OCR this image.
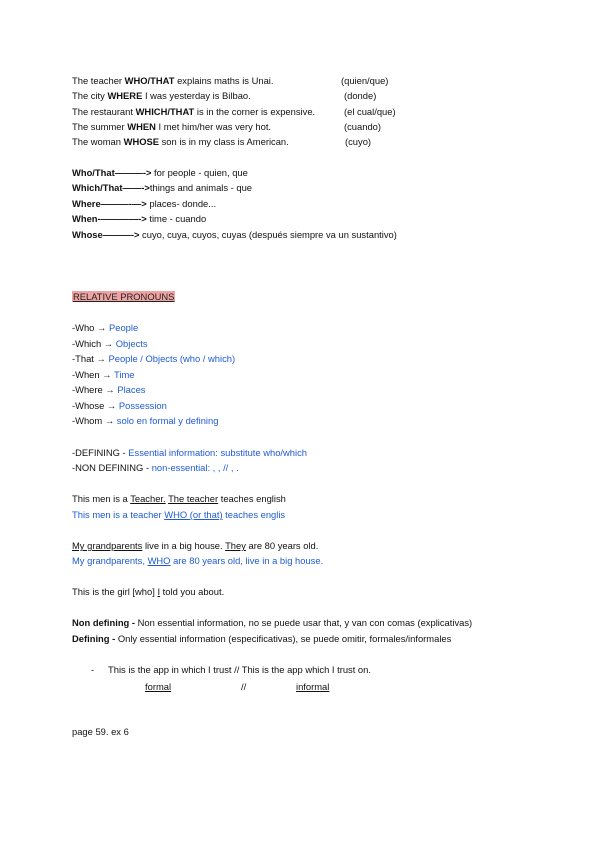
The teacher WHO/THAT explains maths is Unai.	(quien/que)
The city WHERE I was yesterday is Bilbao.	(donde)
The restaurant WHICH/THAT is in the corner is expensive.	(el cual/que)
The summer WHEN I met him/her was very hot.	(cuando)
The woman WHOSE son is in my class is American.	(cuyo)
Who/That———-> for people - quien, que
Which/That——->things and animals - que
Where———-—> places- donde...
When-————-> time - cuando
Whose———-> cuyo, cuya, cuyos, cuyas (después siempre va un sustantivo)
RELATIVE PRONOUNS
-Who → People
-Which → Objects
-That → People / Objects (who / which)
-When → Time
-Where → Places
-Whose → Possession
-Whom → solo en formal y defining
-DEFINING - Essential information: substitute who/which
-NON DEFINING - non-essential: , , // , .
This men is a Teacher. The teacher teaches english
This men is a teacher WHO (or that) teaches englis
My grandparents live in a big house. They are 80 years old.
My grandparents, WHO are 80 years old, live in a big house.
This is the girl [who] I told you about.
Non defining - Non essential information, no se puede usar that, y van con comas (explicativas)
Defining - Only essential information (especificativas), se puede omitir, formales/informales
- This is the app in which I trust // This is the app which I trust on.
formal	//	informal
page 59. ex 6
